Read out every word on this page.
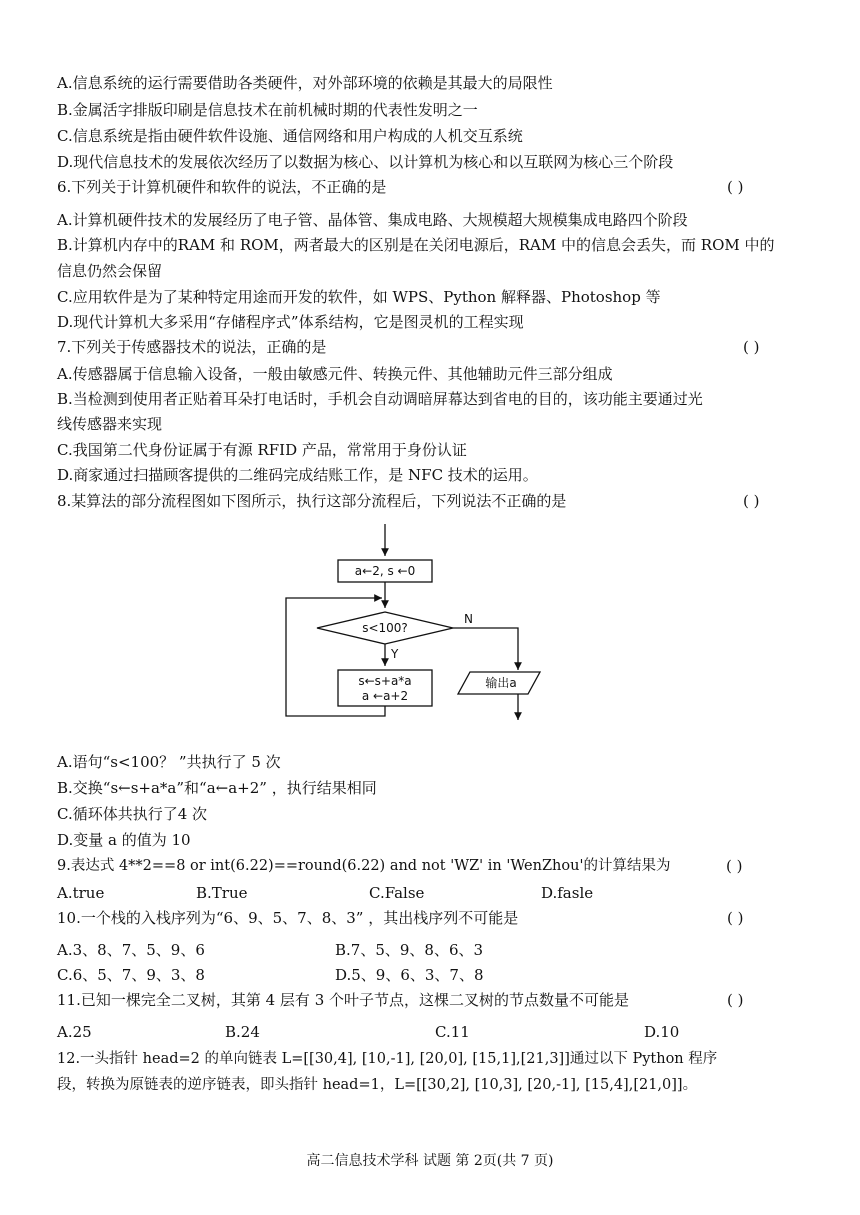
A.信息系统的运行需要借助各类硬件，对外部环境的依赖是其最大的局限性
B.金属活字排版印刷是信息技术在前机械时期的代表性发明之一
C.信息系统是指由硬件软件设施、通信网络和用户构成的人机交互系统
D.现代信息技术的发展依次经历了以数据为核心、以计算机为核心和以互联网为核心三个阶段
6.下列关于计算机硬件和软件的说法，不正确的是	( )
A.计算机硬件技术的发展经历了电子管、晶体管、集成电路、大规模超大规模集成电路四个阶段
B.计算机内存中的RAM 和 ROM，两者最大的区别是在关闭电源后，RAM 中的信息会丢失，而 ROM 中的
信息仍然会保留
C.应用软件是为了某种特定用途而开发的软件，如 WPS、Python 解释器、Photoshop 等
D.现代计算机大多采用“存储程序式”体系结构，它是图灵机的工程实现
7.下列关于传感器技术的说法，正确的是	( )
A.传感器属于信息输入设备，一般由敏感元件、转换元件、其他辅助元件三部分组成
B.当检测到使用者正贴着耳朵打电话时，手机会自动调暗屏幕达到省电的目的，该功能主要通过光
线传感器来实现
C.我国第二代身份证属于有源 RFID 产品，常常用于身份认证
D.商家通过扫描顾客提供的二维码完成结账工作，是 NFC 技术的运用。
8.某算法的部分流程图如下图所示，执行这部分流程后，下列说法不正确的是	( )
a←2, s ←0
s<100?
N
Y
s←s+a*a
a ←a+2
输出a
A.语句“s<100？ ”共执行了 5 次
B.交换“s←s+a*a”和“a←a+2” ，执行结果相同
C.循环体共执行了4 次
D.变量 a 的值为 10
9.表达式 4**2==8 or int(6.22)==round(6.22) and not 'WZ' in 'WenZhou'的计算结果为	( )
A.true	B.True	C.False	D.fasle
10.一个栈的入栈序列为“6、9、5、7、8、3” ，其出栈序列不可能是	( )
A.3、8、7、5、9、6	B.7、5、9、8、6、3
C.6、5、7、9、3、8	D.5、9、6、3、7、8
11.已知一棵完全二叉树，其第 4 层有 3 个叶子节点，这棵二叉树的节点数量不可能是	( )
A.25	B.24	C.11	D.10
12.一头指针 head=2 的单向链表 L=[[30,4], [10,-1], [20,0], [15,1],[21,3]]通过以下 Python 程序
段，转换为原链表的逆序链表，即头指针 head=1，L=[[30,2], [10,3], [20,-1], [15,4],[21,0]]。
高二信息技术学科 试题 第 2页(共 7 页)
